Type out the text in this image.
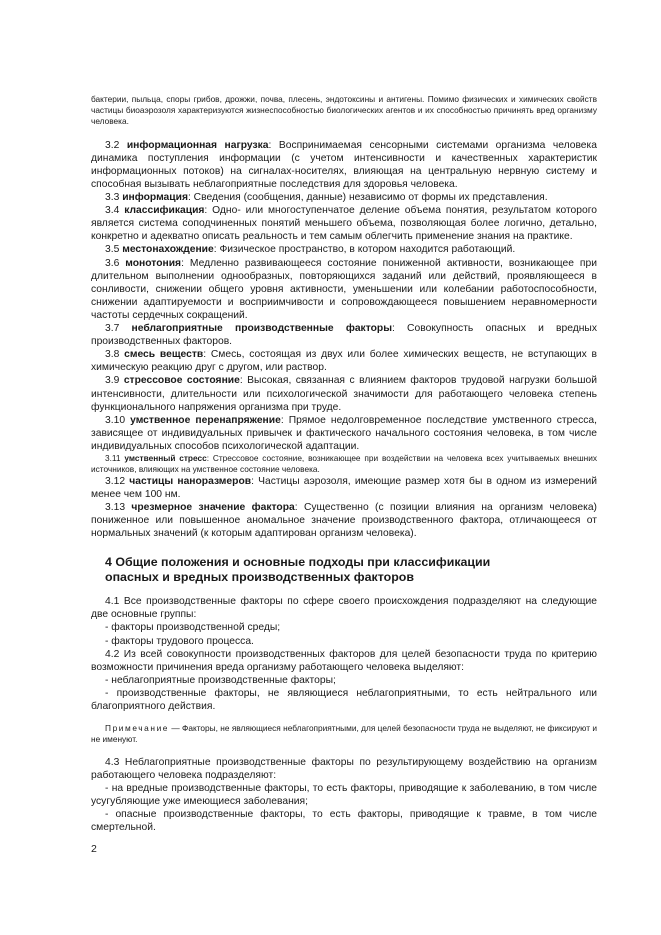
бактерии, пыльца, споры грибов, дрожжи, почва, плесень, эндотоксины и антигены. Помимо физических и химических свойств частицы биоаэрозоля характеризуются жизнеспособностью биологических агентов и их способностью причинять вред организму человека.

3.2 информационная нагрузка: Воспринимаемая сенсорными системами организма человека динамика поступления информации (с учетом интенсивности и качественных характеристик информационных потоков) на сигналах-носителях, влияющая на центральную нервную систему и способная вызывать неблагоприятные последствия для здоровья человека.

3.3 информация: Сведения (сообщения, данные) независимо от формы их представления.

3.4 классификация: Одно- или многоступенчатое деление объема понятия, результатом которого является система соподчиненных понятий меньшего объема, позволяющая более логично, детально, конкретно и адекватно описать реальность и тем самым облегчить применение знания на практике.

3.5 местонахождение: Физическое пространство, в котором находится работающий.

3.6 монотония: Медленно развивающееся состояние пониженной активности, возникающее при длительном выполнении однообразных, повторяющихся заданий или действий, проявляющееся в сонливости, снижении общего уровня активности, уменьшении или колебании работоспособности, снижении адаптируемости и восприимчивости и сопровождающееся повышением неравномерности частоты сердечных сокращений.

3.7 неблагоприятные производственные факторы: Совокупность опасных и вредных производственных факторов.

3.8 смесь веществ: Смесь, состоящая из двух или более химических веществ, не вступающих в химическую реакцию друг с другом, или раствор.

3.9 стрессовое состояние: Высокая, связанная с влиянием факторов трудовой нагрузки большой интенсивности, длительности или психологической значимости для работающего человека степень функционального напряжения организма при труде.

3.10 умственное перенапряжение: Прямое недолговременное последствие умственного стресса, зависящее от индивидуальных привычек и фактического начального состояния человека, в том числе индивидуальных способов психологической адаптации.

3.11 умственный стресс: Стрессовое состояние, возникающее при воздействии на человека всех учитываемых внешних источников, влияющих на умственное состояние человека.

3.12 частицы наноразмеров: Частицы аэрозоля, имеющие размер хотя бы в одном из измерений менее чем 100 нм.

3.13 чрезмерное значение фактора: Существенно (с позиции влияния на организм человека) пониженное или повышенное аномальное значение производственного фактора, отличающееся от нормальных значений (к которым адаптирован организм человека).

4 Общие положения и основные подходы при классификации
опасных и вредных производственных факторов

4.1 Все производственные факторы по сфере своего происхождения подразделяют на следующие две основные группы:

- факторы производственной среды;

- факторы трудового процесса.

4.2 Из всей совокупности производственных факторов для целей безопасности труда по критерию возможности причинения вреда организму работающего человека выделяют:

- неблагоприятные производственные факторы;

- производственные факторы, не являющиеся неблагоприятными, то есть нейтрального или благоприятного действия.

Примечание — Факторы, не являющиеся неблагоприятными, для целей безопасности труда не выделяют, не фиксируют и не именуют.

4.3 Неблагоприятные производственные факторы по результирующему воздействию на организм работающего человека подразделяют:

- на вредные производственные факторы, то есть факторы, приводящие к заболеванию, в том числе усугубляющие уже имеющиеся заболевания;

- опасные производственные факторы, то есть факторы, приводящие к травме, в том числе смертельной.

2
